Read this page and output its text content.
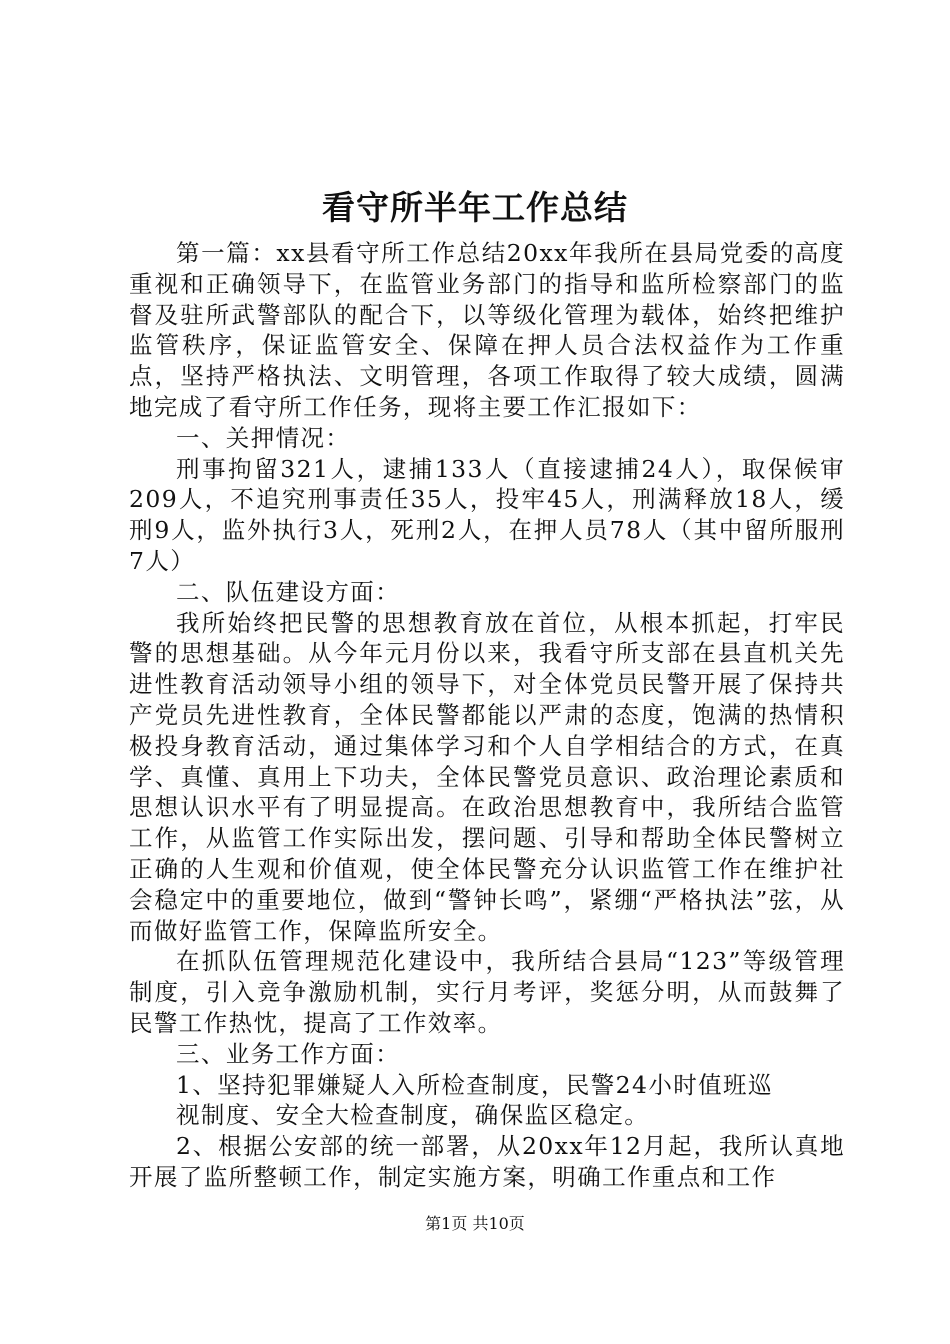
看守所半年工作总结

第一篇：xx县看守所工作总结20xx年我所在县局党委的高度重视和正确领导下，在监管业务部门的指导和监所检察部门的监督及驻所武警部队的配合下，以等级化管理为载体，始终把维护监管秩序，保证监管安全、保障在押人员合法权益作为工作重点，坚持严格执法、文明管理，各项工作取得了较大成绩，圆满地完成了看守所工作任务，现将主要工作汇报如下：

一、关押情况：

刑事拘留321人，逮捕133人（直接逮捕24人），取保候审209人，不追究刑事责任35人，投牢45人，刑满释放18人，缓刑9人，监外执行3人，死刑2人，在押人员78人（其中留所服刑7人）

二、队伍建设方面：

我所始终把民警的思想教育放在首位，从根本抓起，打牢民警的思想基础。从今年元月份以来，我看守所支部在县直机关先进性教育活动领导小组的领导下，对全体党员民警开展了保持共产党员先进性教育，全体民警都能以严肃的态度，饱满的热情积极投身教育活动，通过集体学习和个人自学相结合的方式，在真学、真懂、真用上下功夫，全体民警党员意识、政治理论素质和思想认识水平有了明显提高。在政治思想教育中，我所结合监管工作，从监管工作实际出发，摆问题、引导和帮助全体民警树立正确的人生观和价值观，使全体民警充分认识监管工作在维护社会稳定中的重要地位，做到“警钟长鸣”，紧绷“严格执法”弦，从而做好监管工作，保障监所安全。

在抓队伍管理规范化建设中，我所结合县局“123”等级管理制度，引入竞争激励机制，实行月考评，奖惩分明，从而鼓舞了民警工作热忱，提高了工作效率。

三、业务工作方面：

1、坚持犯罪嫌疑人入所检查制度，民警24小时值班巡

视制度、安全大检查制度，确保监区稳定。

2、根据公安部的统一部署，从20xx年12月起，我所认真地开展了监所整顿工作，制定实施方案，明确工作重点和工作

第1页 共10页
